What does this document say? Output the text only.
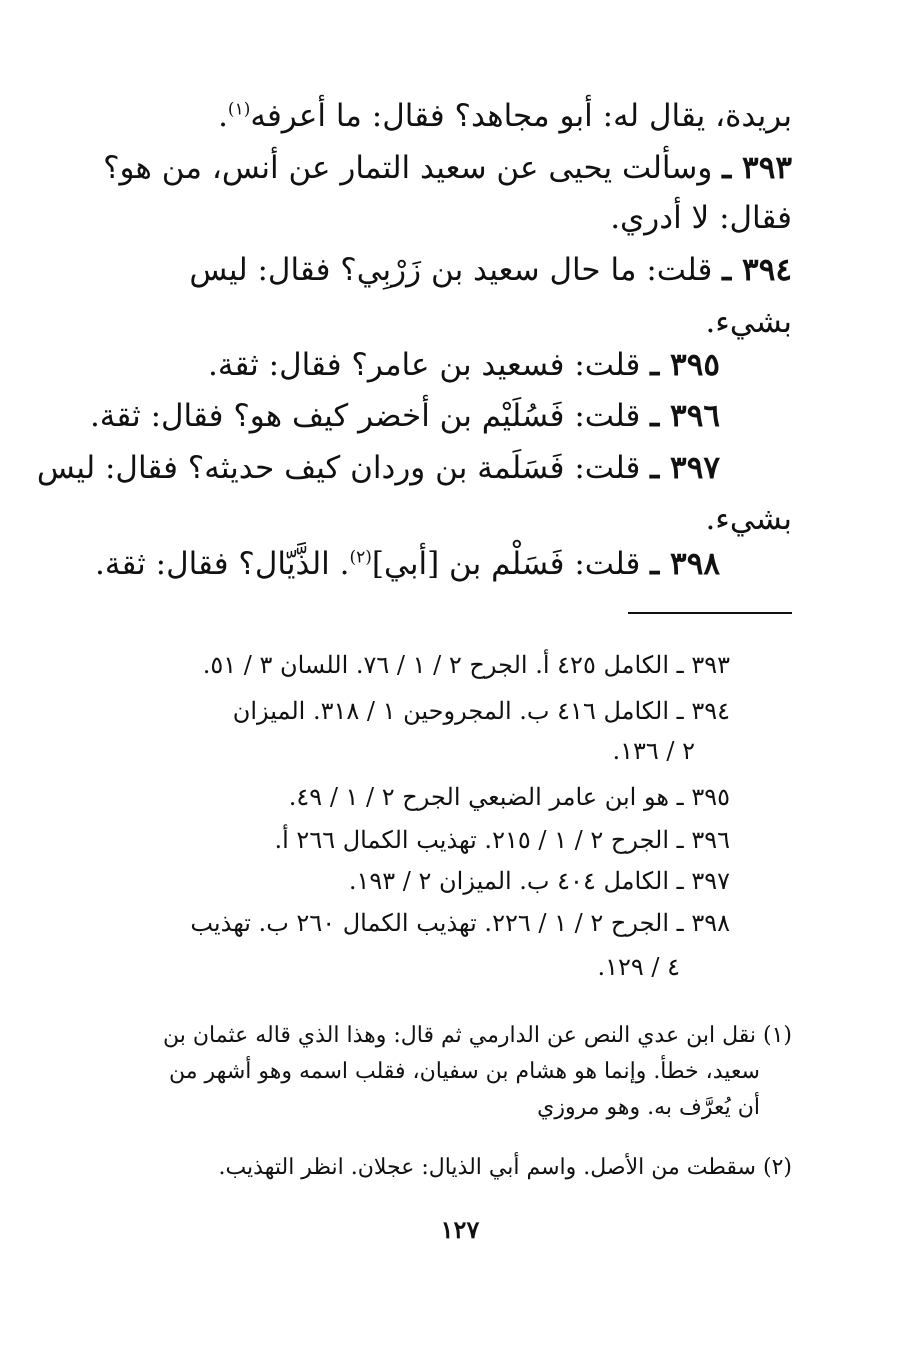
بريدة، يقال له: أبو مجاهد؟ فقال: ما أعرفه$^{(١)}$.
٣٩٣ ـ وسألت يحيى عن سعيد التمار عن أنس، من هو؟
فقال: لا أدري.
٣٩٤ ـ قلت: ما حال سعيد بن زَرْبِي؟ فقال: ليس
بشيء.
٣٩٥ ـ قلت: فسعيد بن عامر؟ فقال: ثقة.
٣٩٦ ـ قلت: فَسُلَيْم بن أخضر كيف هو؟ فقال: ثقة.
٣٩٧ ـ قلت: فَسَلَمة بن وردان كيف حديثه؟ فقال: ليس
بشيء.
٣٩٨ ـ قلت: فَسَلْم بن [أبي]$^{(٢)}$. الذَّيّال؟ فقال: ثقة.
٣٩٣ ـ الكامل ٤٢٥ أ. الجرح ٢ / ١ / ٧٦. اللسان ٣ / ٥١.
٣٩٤ ـ الكامل ٤١٦ ب. المجروحين ١ / ٣١٨. الميزان
٢ / ١٣٦.
٣٩٥ ـ هو ابن عامر الضبعي الجرح ٢ / ١ / ٤٩.
٣٩٦ ـ الجرح ٢ / ١ / ٢١٥. تهذيب الكمال ٢٦٦ أ.
٣٩٧ ـ الكامل ٤٠٤ ب. الميزان ٢ / ١٩٣.
٣٩٨ ـ الجرح ٢ / ١ / ٢٢٦. تهذيب الكمال ٢٦٠ ب. تهذيب
٤ / ١٢٩.
(١) نقل ابن عدي النص عن الدارمي ثم قال: وهذا الذي قاله عثمان بن
سعيد، خطأ. وإنما هو هشام بن سفيان، فقلب اسمه وهو أشهر من
أن يُعرَّف به. وهو مروزي
(٢) سقطت من الأصل. واسم أبي الذيال: عجلان. انظر التهذيب.
١٢٧
